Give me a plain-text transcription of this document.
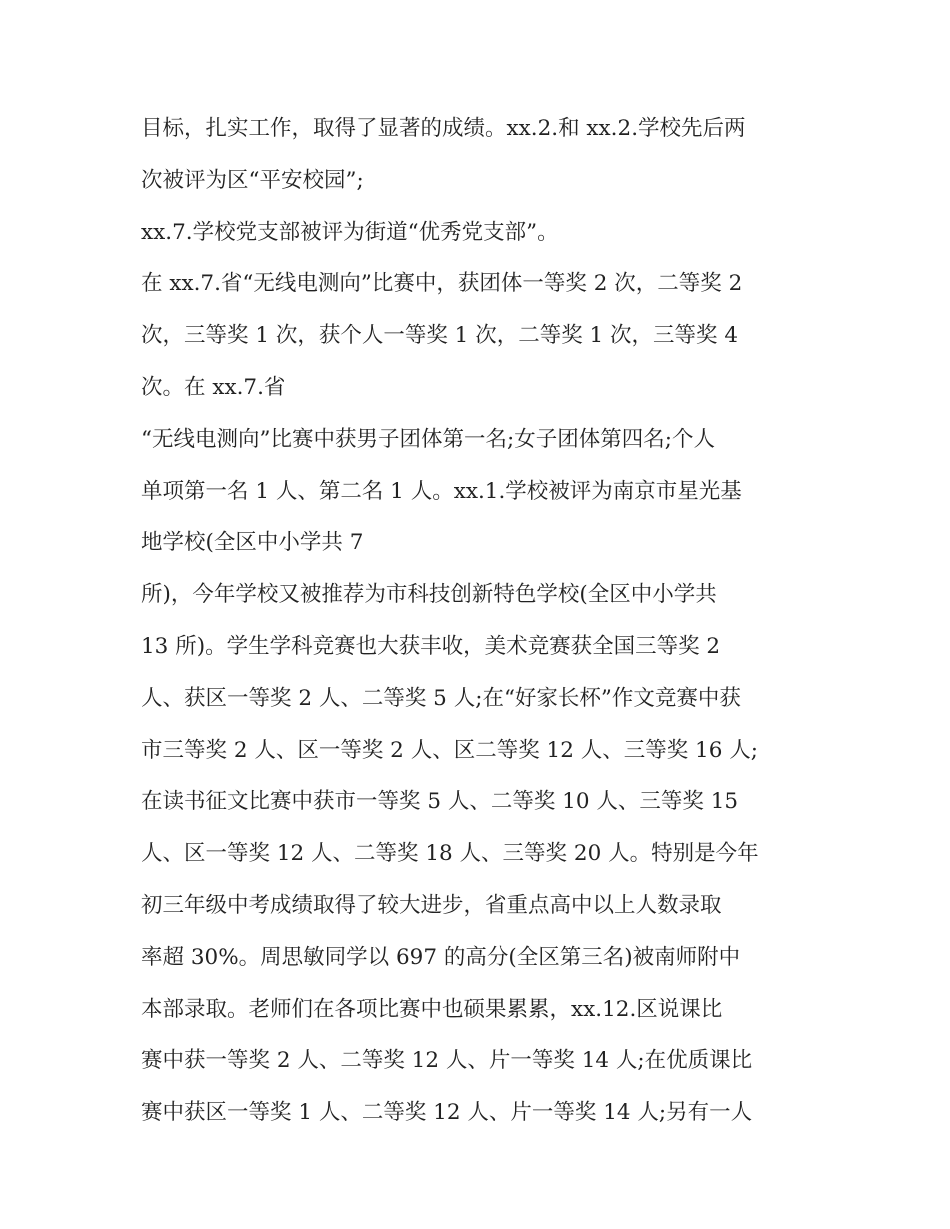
目标，扎实工作，取得了显著的成绩。xx.2.和 xx.2.学校先后两
次被评为区“平安校园”;
xx.7.学校党支部被评为街道“优秀党支部”。
在 xx.7.省“无线电测向”比赛中，获团体一等奖 2 次，二等奖 2
次，三等奖 1 次，获个人一等奖 1 次，二等奖 1 次，三等奖 4
次。在 xx.7.省
“无线电测向”比赛中获男子团体第一名;女子团体第四名;个人
单项第一名 1 人、第二名 1 人。xx.1.学校被评为南京市星光基
地学校(全区中小学共 7
所)，今年学校又被推荐为市科技创新特色学校(全区中小学共
13 所)。学生学科竞赛也大获丰收，美术竞赛获全国三等奖 2
人、获区一等奖 2 人、二等奖 5 人;在“好家长杯”作文竞赛中获
市三等奖 2 人、区一等奖 2 人、区二等奖 12 人、三等奖 16 人;
在读书征文比赛中获市一等奖 5 人、二等奖 10 人、三等奖 15
人、区一等奖 12 人、二等奖 18 人、三等奖 20 人。特别是今年
初三年级中考成绩取得了较大进步，省重点高中以上人数录取
率超 30%。周思敏同学以 697 的高分(全区第三名)被南师附中
本部录取。老师们在各项比赛中也硕果累累，xx.12.区说课比
赛中获一等奖 2 人、二等奖 12 人、片一等奖 14 人;在优质课比
赛中获区一等奖 1 人、二等奖 12 人、片一等奖 14 人;另有一人
